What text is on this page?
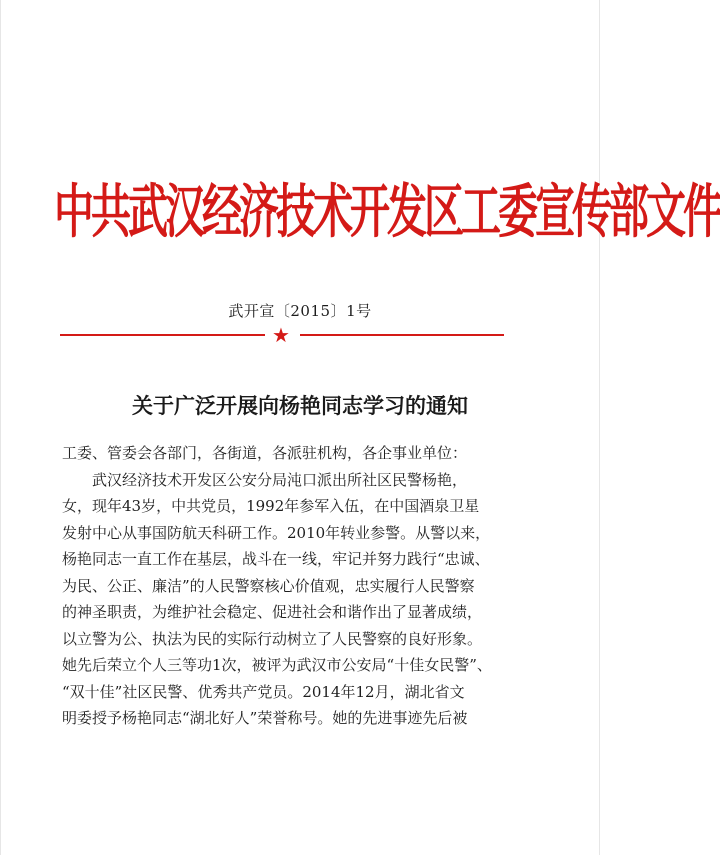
中共武汉经济技术开发区工委宣传部文件
武开宣〔2015〕1号
★
关于广泛开展向杨艳同志学习的通知
工委、管委会各部门，各街道，各派驻机构，各企事业单位：
　　武汉经济技术开发区公安分局沌口派出所社区民警杨艳，
女，现年43岁，中共党员，1992年参军入伍，在中国酒泉卫星
发射中心从事国防航天科研工作。2010年转业参警。从警以来，
杨艳同志一直工作在基层，战斗在一线，牢记并努力践行“忠诚、
为民、公正、廉洁”的人民警察核心价值观，忠实履行人民警察
的神圣职责，为维护社会稳定、促进社会和谐作出了显著成绩，
以立警为公、执法为民的实际行动树立了人民警察的良好形象。
她先后荣立个人三等功1次，被评为武汉市公安局“十佳女民警”、
“双十佳”社区民警、优秀共产党员。2014年12月，湖北省文
明委授予杨艳同志“湖北好人”荣誉称号。她的先进事迹先后被
